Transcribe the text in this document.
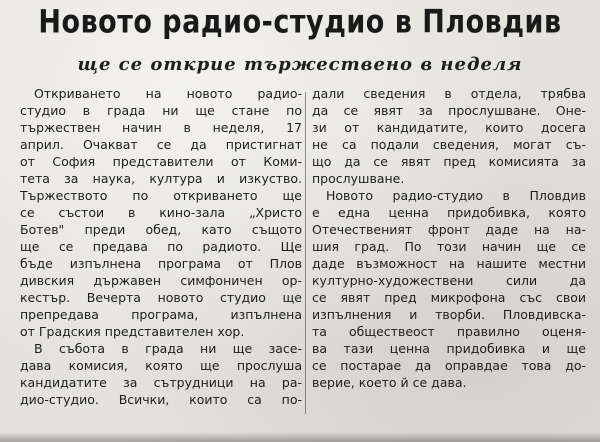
Новото радио-студио в Пловдив
ще се открие тържествено в неделя
Откриването на новото радио-
студио в града ни ще стане по
тържествен начин в неделя, 17
април. Очакват се да пристигнат
от София представители от Коми-
тета за наука, култура и изкуство.
Тържеството по откриването ще
се състои в кино-зала „Христо
Ботев" преди обед, като същото
ще се предава по радиото. Ще
бъде изпълнена програма от Плов
дивския държавен симфоничен ор-
кестър. Вечерта новото студио ще
препредава програма, изпълнена
от Градския представителен хор.
В събота в града ни ще засе-
дава комисия, която ще прослуша
кандидатите за сътрудници на ра-
дио-студио. Всички, които са по-
дали сведения в отдела, трябва
да се явят за прослушване. Оне-
зи от кандидатите, които досега
не са подали сведения, могат съ-
що да се явят пред комисията за
прослушване.
Новото радио-студио в Пловдив
е една ценна придобивка, която
Отечественият фронт даде на на-
шия град. По този начин ще се
даде възможност на нашите местни
културно-художествени сили да
се явят пред микрофона със свои
изпълнения и творби. Пловдивска-
та обществеост правилно оценя-
ва тази ценна придобивка и ще
се постарае да оправдае това до-
верие, което й се дава.
